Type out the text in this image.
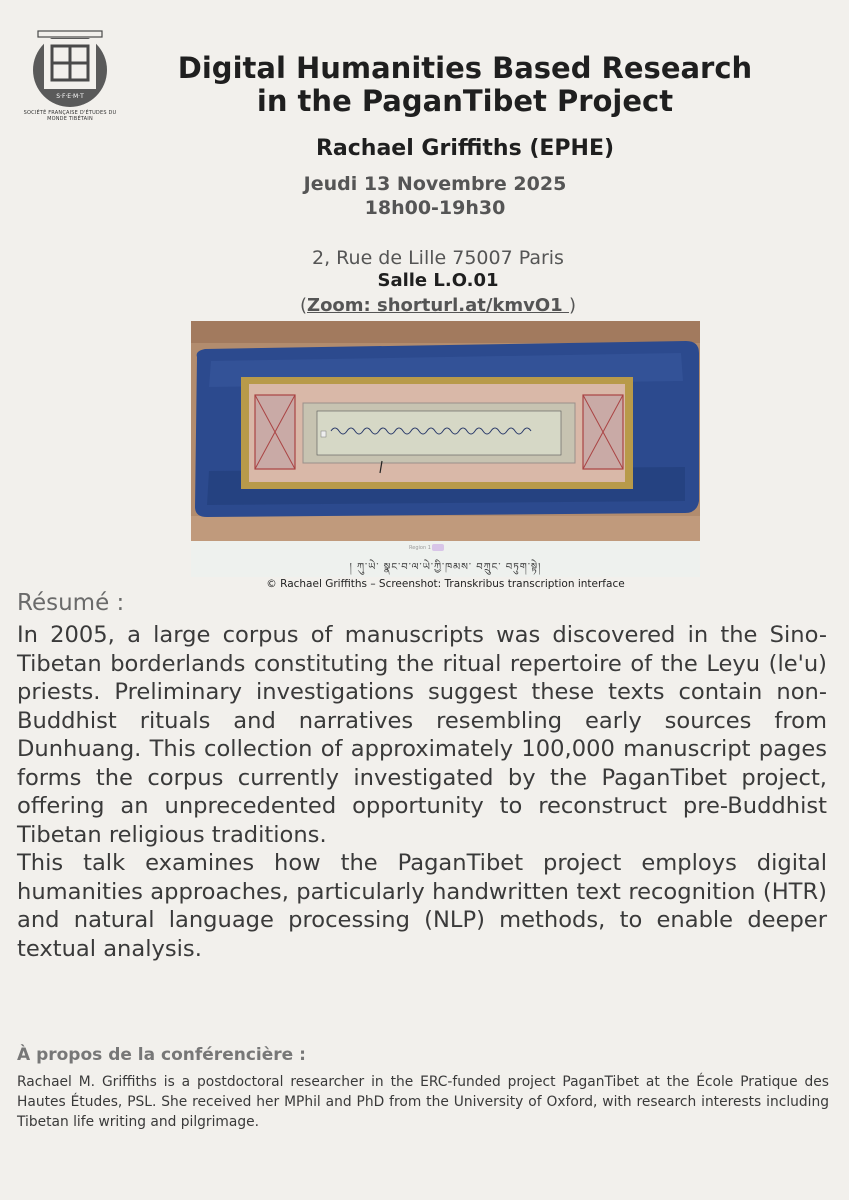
S·F·E·M·T
SOCIÉTÉ FRANÇAISE D'ÉTUDES DU MONDE TIBÉTAIN
Digital Humanities Based Research
in the PaganTibet Project
Rachael Griffiths (EPHE)
Jeudi 13 Novembre 2025
18h00-19h30
2, Rue de Lille 75007 Paris
Salle L.O.01
(Zoom: shorturl.at/kmvO1 )
Region 1
། ཀུ་ཡེ་ སྣང་བ་ལ་ཡེ་ཀྱི་ཁམས་ བཀྲུང་ བཏུག་སྟེ།
© Rachael Griffiths – Screenshot: Transkribus transcription interface
Résumé :

In 2005, a large corpus of manuscripts was discovered in the Sino-Tibetan borderlands constituting the ritual repertoire of the Leyu (le'u) priests. Preliminary investigations suggest these texts contain non-Buddhist rituals and narratives resembling early sources from Dunhuang. This collection of approximately 100,000 manuscript pages forms the corpus currently investigated by the PaganTibet project, offering an unprecedented opportunity to reconstruct pre-Buddhist Tibetan religious traditions.

This talk examines how the PaganTibet project employs digital humanities approaches, particularly handwritten text recognition (HTR) and natural language processing (NLP) methods, to enable deeper textual analysis.

À propos de la conférencière :
Rachael M. Griffiths is a postdoctoral researcher in the ERC-funded project PaganTibet at the École Pratique des Hautes Études, PSL. She received her MPhil and PhD from the University of Oxford, with research interests including Tibetan life writing and pilgrimage.
